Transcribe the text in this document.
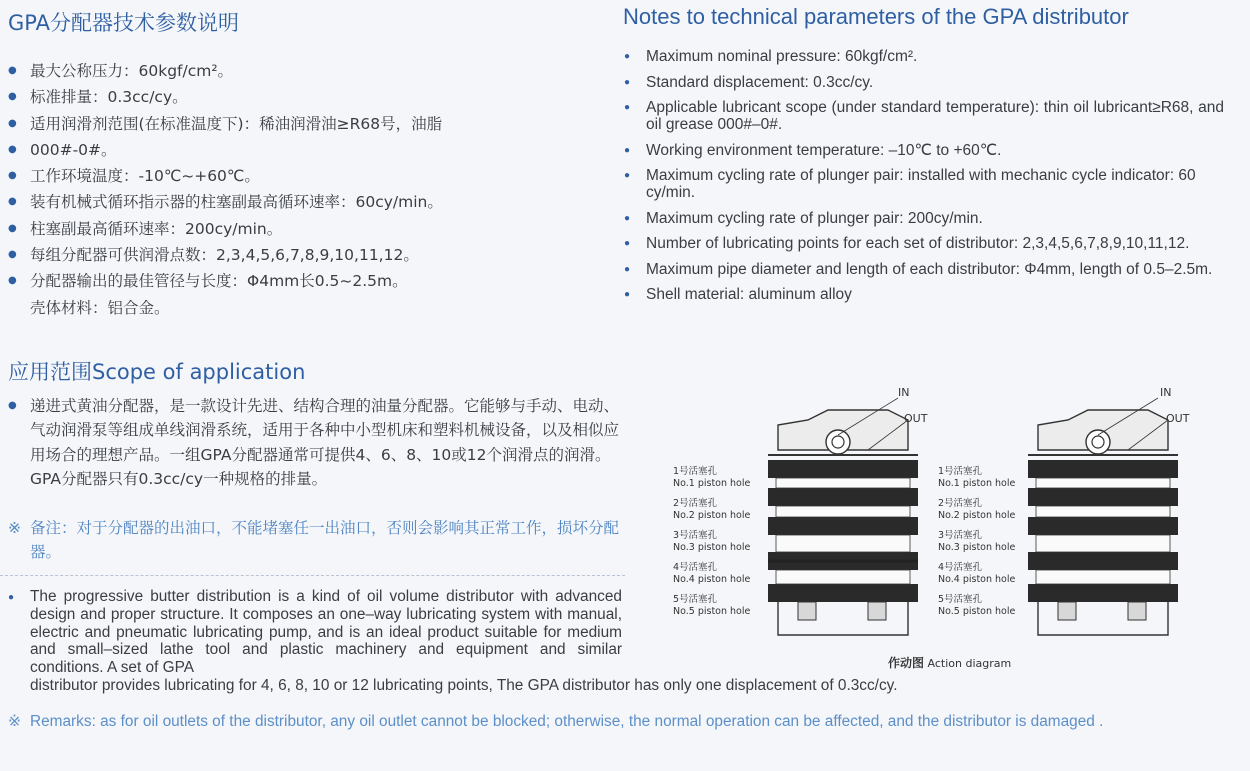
GPA分配器技术参数说明	Notes to technical parameters of the GPA distributor
● 最大公称压力：60kgf/cm²。
● 标准排量：0.3cc/cy。
● 适用润滑剂范围(在标准温度下)：稀油润滑油≥R68号，油脂
● 000#-0#。
● 工作环境温度：-10℃~+60℃。
● 装有机械式循环指示器的柱塞副最高循环速率：60cy/min。
● 柱塞副最高循环速率：200cy/min。
● 每组分配器可供润滑点数：2,3,4,5,6,7,8,9,10,11,12。
● 分配器输出的最佳管径与长度：Φ4mm长0.5~2.5m。
壳体材料：铝合金。
● Maximum nominal pressure: 60kgf/cm².
● Standard displacement: 0.3cc/cy.
● Applicable lubricant scope (under standard temperature): thin oil lubricant≥R68, and oil grease 000#–0#.
● Working environment temperature: –10℃ to +60℃.
● Maximum cycling rate of plunger pair: installed with mechanic cycle indicator: 60 cy/min.
● Maximum cycling rate of plunger pair: 200cy/min.
● Number of lubricating points for each set of distributor: 2,3,4,5,6,7,8,9,10,11,12.
● Maximum pipe diameter and length of each distributor: Φ4mm, length of 0.5–2.5m.
● Shell material: aluminum alloy
应用范围Scope of application
● 递进式黄油分配器，是一款设计先进、结构合理的油量分配器。它能够与手动、电动、气动润滑泵等组成单线润滑系统，适用于各种中小型机床和塑料机械设备，以及相似应用场合的理想产品。一组GPA分配器通常可提供4、6、8、10或12个润滑点的润滑。GPA分配器只有0.3cc/cy一种规格的排量。
※ 备注：对于分配器的出油口，不能堵塞任一出油口，否则会影响其正常工作，损坏分配器。
●	The progressive butter distribution is a kind of oil volume distributor with advanced design and proper structure. It composes an one–way lubricating system with manual, electric and pneumatic lubricating pump, and is an ideal product suitable for medium and small–sized lathe tool and plastic machinery and equipment and similar conditions. A set of GPA
distributor provides lubricating for 4, 6, 8, 10 or 12 lubricating points, The GPA distributor has only one displacement of 0.3cc/cy.
※ Remarks: as for oil outlets of the distributor, any oil outlet cannot be blocked; otherwise, the normal operation can be affected, and the distributor is damaged .
IN
OUT
IN
OUT
1号活塞孔
No.1 piston hole
2号活塞孔
No.2 piston hole
3号活塞孔
No.3 piston hole
4号活塞孔
No.4 piston hole
5号活塞孔
No.5 piston hole
1号活塞孔
No.1 piston hole
2号活塞孔
No.2 piston hole
3号活塞孔
No.3 piston hole
4号活塞孔
No.4 piston hole
5号活塞孔
No.5 piston hole
作动图 Action diagram
